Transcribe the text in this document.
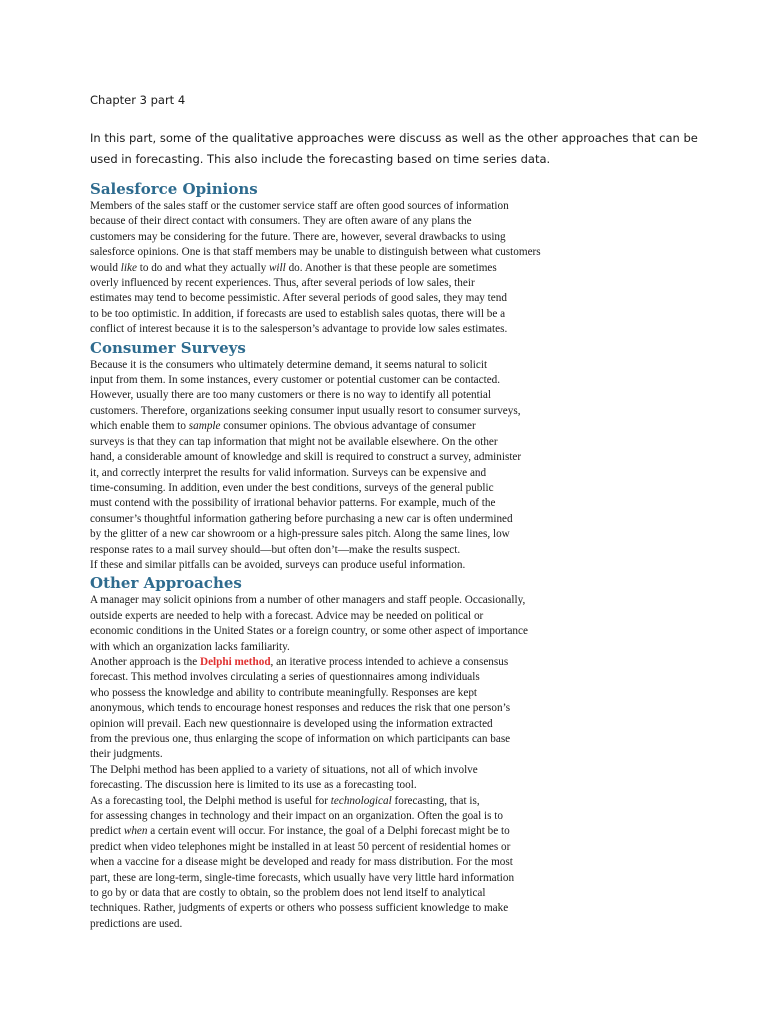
Chapter 3 part 4
In this part, some of the qualitative approaches were discuss as well as the other approaches that can be
used in forecasting. This also include the forecasting based on time series data.
Salesforce Opinions
Members of the sales staff or the customer service staff are often good sources of information
because of their direct contact with consumers. They are often aware of any plans the
customers may be considering for the future. There are, however, several drawbacks to using
salesforce opinions. One is that staff members may be unable to distinguish between what customers
would like to do and what they actually will do. Another is that these people are sometimes
overly influenced by recent experiences. Thus, after several periods of low sales, their
estimates may tend to become pessimistic. After several periods of good sales, they may tend
to be too optimistic. In addition, if forecasts are used to establish sales quotas, there will be a
conflict of interest because it is to the salesperson’s advantage to provide low sales estimates.
Consumer Surveys
Because it is the consumers who ultimately determine demand, it seems natural to solicit
input from them. In some instances, every customer or potential customer can be contacted.
However, usually there are too many customers or there is no way to identify all potential
customers. Therefore, organizations seeking consumer input usually resort to consumer surveys,
which enable them to sample consumer opinions. The obvious advantage of consumer
surveys is that they can tap information that might not be available elsewhere. On the other
hand, a considerable amount of knowledge and skill is required to construct a survey, administer
it, and correctly interpret the results for valid information. Surveys can be expensive and
time-consuming. In addition, even under the best conditions, surveys of the general public
must contend with the possibility of irrational behavior patterns. For example, much of the
consumer’s thoughtful information gathering before purchasing a new car is often undermined
by the glitter of a new car showroom or a high-pressure sales pitch. Along the same lines, low
response rates to a mail survey should—but often don’t—make the results suspect.
If these and similar pitfalls can be avoided, surveys can produce useful information.
Other Approaches
A manager may solicit opinions from a number of other managers and staff people. Occasionally,
outside experts are needed to help with a forecast. Advice may be needed on political or
economic conditions in the United States or a foreign country, or some other aspect of importance
with which an organization lacks familiarity.
Another approach is the Delphi method, an iterative process intended to achieve a consensus
forecast. This method involves circulating a series of questionnaires among individuals
who possess the knowledge and ability to contribute meaningfully. Responses are kept
anonymous, which tends to encourage honest responses and reduces the risk that one person’s
opinion will prevail. Each new questionnaire is developed using the information extracted
from the previous one, thus enlarging the scope of information on which participants can base
their judgments.
The Delphi method has been applied to a variety of situations, not all of which involve
forecasting. The discussion here is limited to its use as a forecasting tool.
As a forecasting tool, the Delphi method is useful for technological forecasting, that is,
for assessing changes in technology and their impact on an organization. Often the goal is to
predict when a certain event will occur. For instance, the goal of a Delphi forecast might be to
predict when video telephones might be installed in at least 50 percent of residential homes or
when a vaccine for a disease might be developed and ready for mass distribution. For the most
part, these are long-term, single-time forecasts, which usually have very little hard information
to go by or data that are costly to obtain, so the problem does not lend itself to analytical
techniques. Rather, judgments of experts or others who possess sufficient knowledge to make
predictions are used.
